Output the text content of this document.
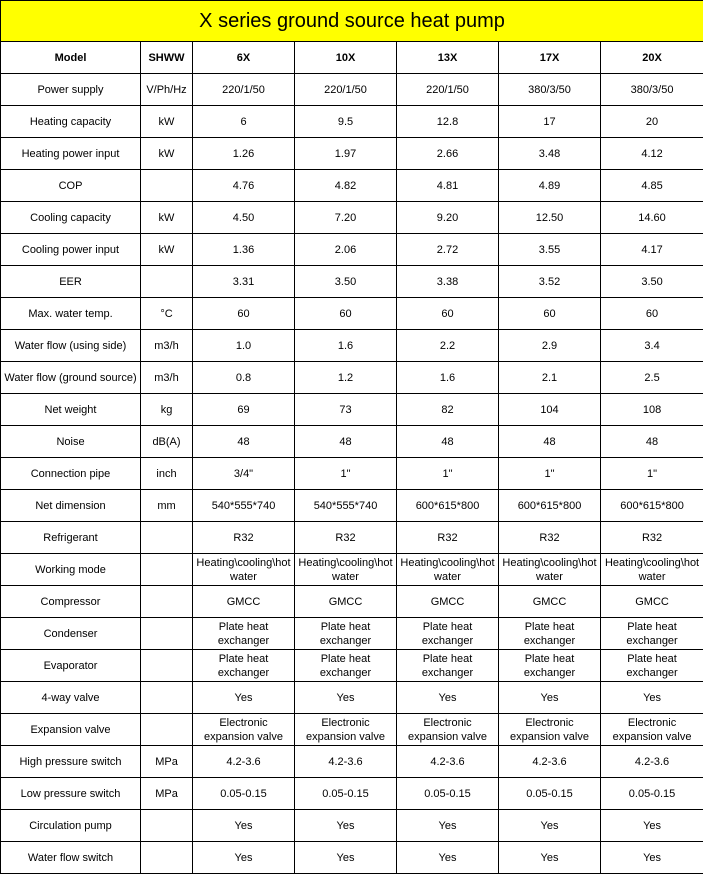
X series ground source heat pump						
Model	SHWW	6X	10X	13X	17X	20X
Power supply	V/Ph/Hz	220/1/50	220/1/50	220/1/50	380/3/50	380/3/50
Heating capacity	kW	6	9.5	12.8	17	20
Heating power input	kW	1.26	1.97	2.66	3.48	4.12
COP		4.76	4.82	4.81	4.89	4.85
Cooling capacity	kW	4.50	7.20	9.20	12.50	14.60
Cooling power input	kW	1.36	2.06	2.72	3.55	4.17
EER		3.31	3.50	3.38	3.52	3.50
Max. water temp.	°C	60	60	60	60	60
Water flow (using side)	m3/h	1.0	1.6	2.2	2.9	3.4
Water flow (ground source)	m3/h	0.8	1.2	1.6	2.1	2.5
Net weight	kg	69	73	82	104	108
Noise	dB(A)	48	48	48	48	48
Connection pipe	inch	3/4"	1"	1"	1"	1"
Net dimension	mm	540*555*740	540*555*740	600*615*800	600*615*800	600*615*800
Refrigerant		R32	R32	R32	R32	R32
Working mode		Heating\cooling\hot water	Heating\cooling\hot water	Heating\cooling\hot water	Heating\cooling\hot water	Heating\cooling\hot water
Compressor		GMCC	GMCC	GMCC	GMCC	GMCC
Condenser		Plate heat exchanger	Plate heat exchanger	Plate heat exchanger	Plate heat exchanger	Plate heat exchanger
Evaporator		Plate heat exchanger	Plate heat exchanger	Plate heat exchanger	Plate heat exchanger	Plate heat exchanger
4-way valve		Yes	Yes	Yes	Yes	Yes
Expansion valve		Electronic expansion valve	Electronic expansion valve	Electronic expansion valve	Electronic expansion valve	Electronic expansion valve
High pressure switch	MPa	4.2-3.6	4.2-3.6	4.2-3.6	4.2-3.6	4.2-3.6
Low pressure switch	MPa	0.05-0.15	0.05-0.15	0.05-0.15	0.05-0.15	0.05-0.15
Circulation pump		Yes	Yes	Yes	Yes	Yes
Water flow switch		Yes	Yes	Yes	Yes	Yes
